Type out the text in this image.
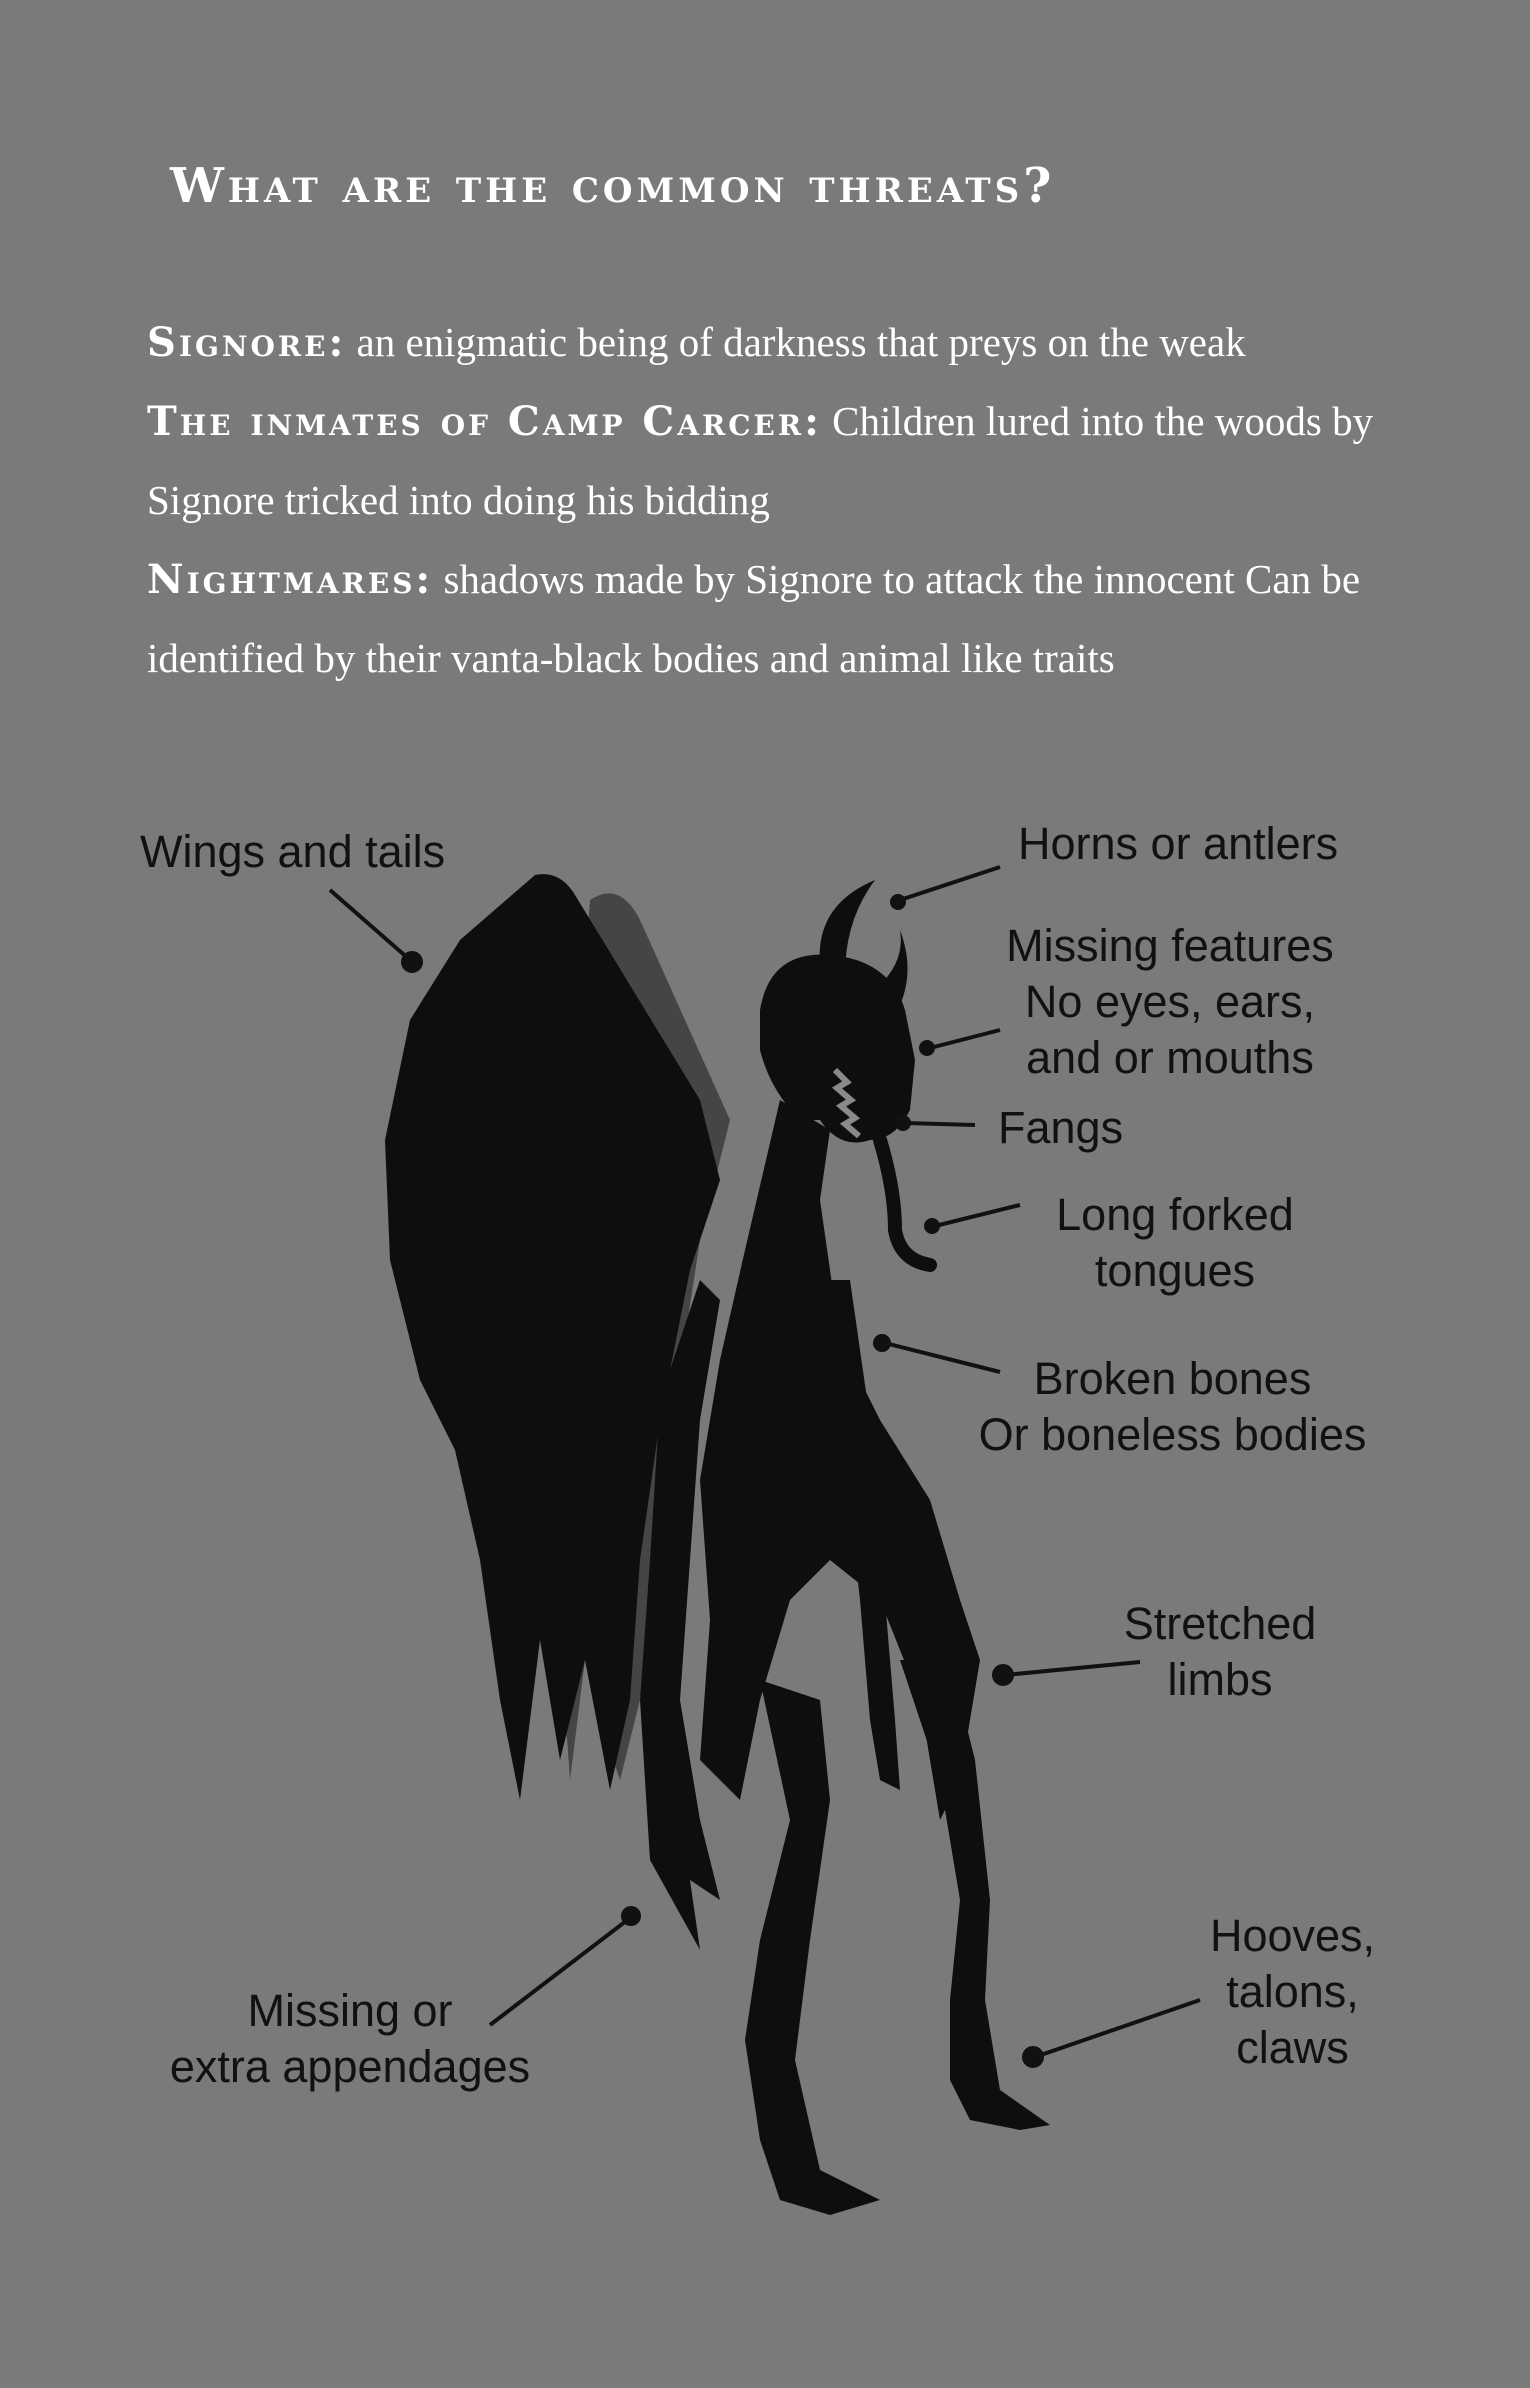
What are the common threats?

Signore: an enigmatic being of darkness that preys on the weak

The inmates of Camp Carcer: Children lured into the woods by Signore tricked into doing his bidding

Nightmares: shadows made by Signore to attack the innocent Can be identified by their vanta-black bodies and animal like traits

Wings and tails	Horns or antlers
Missing features
No eyes, ears,
and or mouths
Fangs
Long forked
tongues
Broken bones
Or boneless bodies
Stretched
limbs
Hooves,
talons,
claws
Missing or
extra appendages
